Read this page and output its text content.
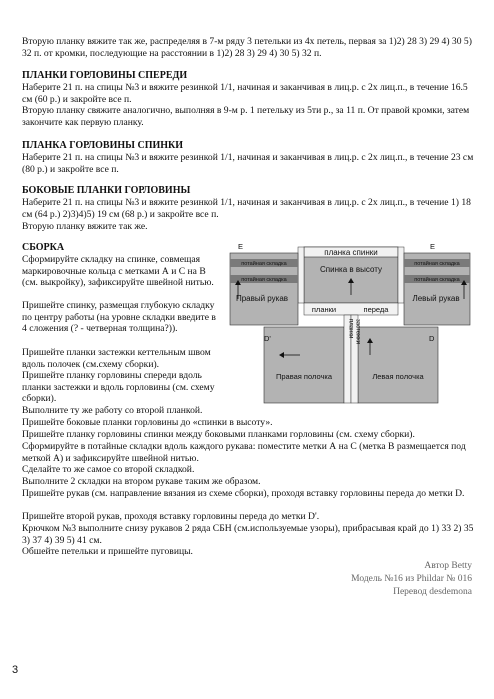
Вторую планку вяжите так же, распределяя в 7-м ряду 3 петельки из 4х петель, первая за 1)2) 28 3) 29 4) 30 5) 32 п. от кромки, последующие на расстоянии в 1)2) 28 3) 29 4) 30 5) 32 п.

ПЛАНКИ ГОРЛОВИНЫ СПЕРЕДИ

Наберите 21 п. на спицы №3 и вяжите резинкой 1/1, начиная и заканчивая в лиц.р. с 2х лиц.п., в течение 16.5 см (60 р.) и закройте все п.

Вторую планку свяжите аналогично, выполняя в 9-м р. 1 петельку из 5ти р., за 11 п. От правой кромки, затем закончите как первую планку.

ПЛАНКА ГОРЛОВИНЫ СПИНКИ

Наберите 21 п. на спицы №3 и вяжите резинкой 1/1, начиная и заканчивая в лиц.р. с 2х лиц.п., в течение 23 см (80 р.) и закройте все п.

БОКОВЫЕ ПЛАНКИ ГОРЛОВИНЫ

Наберите 21 п. на спицы №3 и вяжите резинкой 1/1, начиная и заканчивая в лиц.р. с 2х лиц.п., в течение 1) 18 см (64 р.) 2)3)4)5) 19 см (68 р.) и закройте все п.

Вторую планку вяжите так же.

СБОРКА

Сформируйте складку на спинке, совмещая маркировочные кольца с метками А и С на В (см. выкройку), зафиксируйте швейной нитью.

Пришейте спинку, размещая глубокую складку по центру работы (на уровне складки введите в 4 сложения (? - четверная толщина?)).

Пришейте планки застежки кеттельным швом вдоль полочек (см.схему сборки).

Пришейте планку горловины спереди вдоль планки застежки и вдоль горловины (см. схему сборки).

Выполните ту же работу со второй планкой.

Пришейте боковые планки горловины до «спинки в высоту».

Пришейте планку горловины спинки между боковыми планками горловины (см. схему сборки).

Сформируйте в потайные складки вдоль каждого рукава: поместите метки А на С (метка В размещается под меткой А) и зафиксируйте швейной нитью.

Сделайте то же самое со второй складкой.

Выполните 2 складки на втором рукаве таким же образом.

Пришейте рукав (см. направление вязания из схеме сборки), проходя вставку горловины переда до метки D.

Пришейте второй рукав, проходя вставку горловины переда до метки D'.

Крючком №3 выполните снизу рукавов 2 ряда СБН (см.используемые узоры), прибрасывая край до 1) 33 2) 35 3) 37 4) 39 5) 41 см.

Обшейте петельки и пришейте пуговицы.

Автор Betty
Модель №16 из Phildar № 016
Перевод desdemona
3
планка спинки
Спинка в высоту
потайная складка
потайная складка
Правый рукав
потайная складка
потайная складка
Левый рукав
E	E
планки	переда
планки застежки
D'	D
Правая полочка	Левая полочка
